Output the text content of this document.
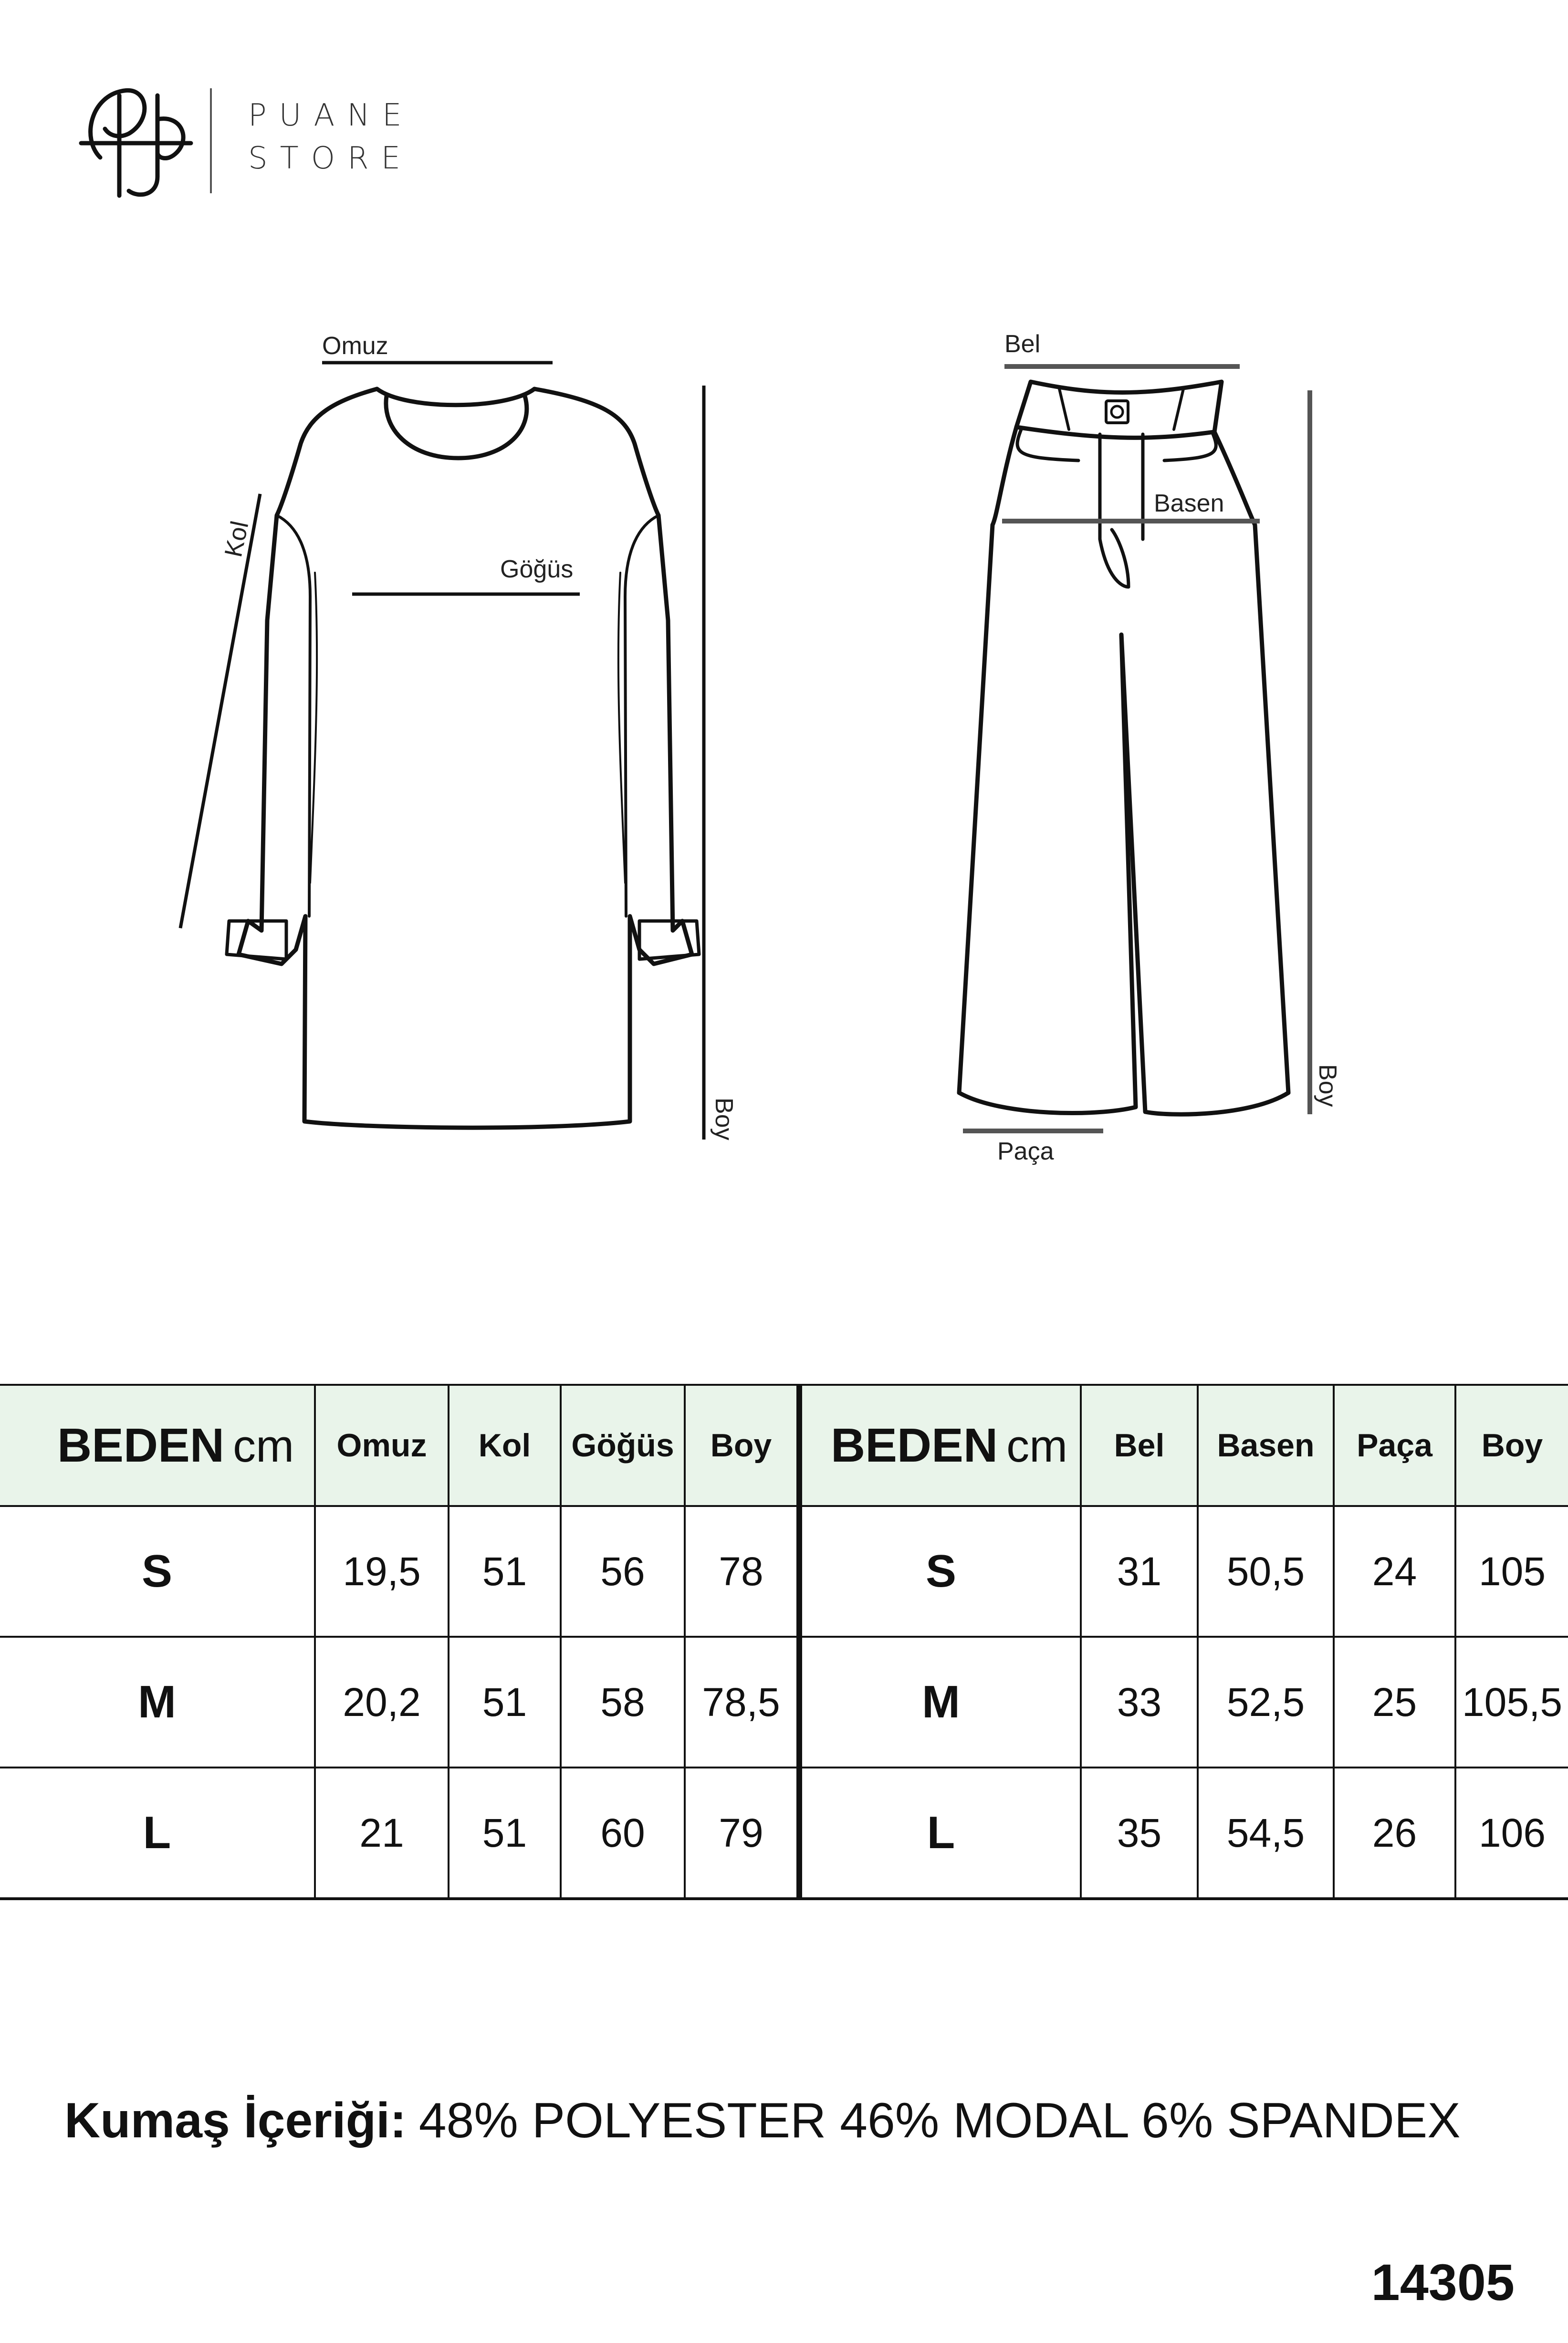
PUANE
STORE
Omuz
Kol
Göğüs
Boy
Bel
Basen
Paça
Boy
BEDEN cm	Omuz	Kol	Göğüs	Boy	BEDEN cm	Bel	Basen	Paça	Boy
S	19,5	51	56	78	S	31	50,5	24	105
M	20,2	51	58	78,5	M	33	52,5	25	105,5
L	21	51	60	79	L	35	54,5	26	106
Kumaş İçeriği: 48% POLYESTER 46% MODAL 6% SPANDEX
14305
